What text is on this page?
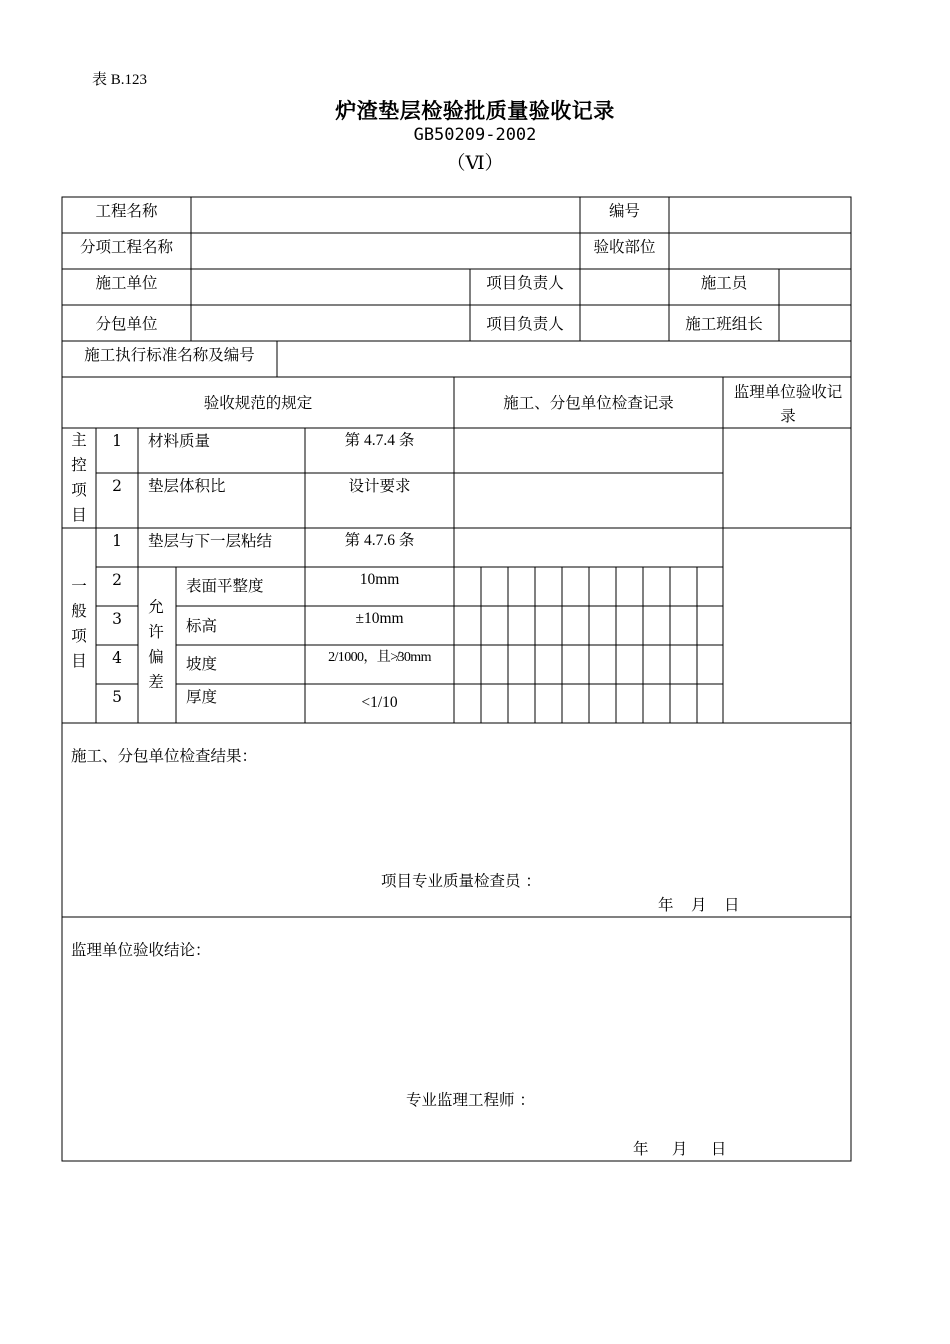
表 B.123
炉渣垫层检验批质量验收记录
GB50209-2002
（Ⅵ）
工程名称	编号
分项工程名称	验收部位
施工单位	项目负责人	施工员
分包单位	项目负责人	施工班组长
施工执行标准名称及编号
验收规范的规定	施工、分包单位检查记录
监理单位验收记录
主控项目
1	材料质量	第 4.7.4 条
2	垫层体积比	设计要求
一般项目
允许偏差
1	垫层与下一层粘结	第 4.7.6 条
2	表面平整度	10mm
3	标高	±10mm
4	坡度	2/1000，且≯30mm
5	厚度	<1/10
施工、分包单位检查结果：
项目专业质量检查员 ：
年　月　日
监理单位验收结论：
专业监理工程师 ：
年　 月　 日
